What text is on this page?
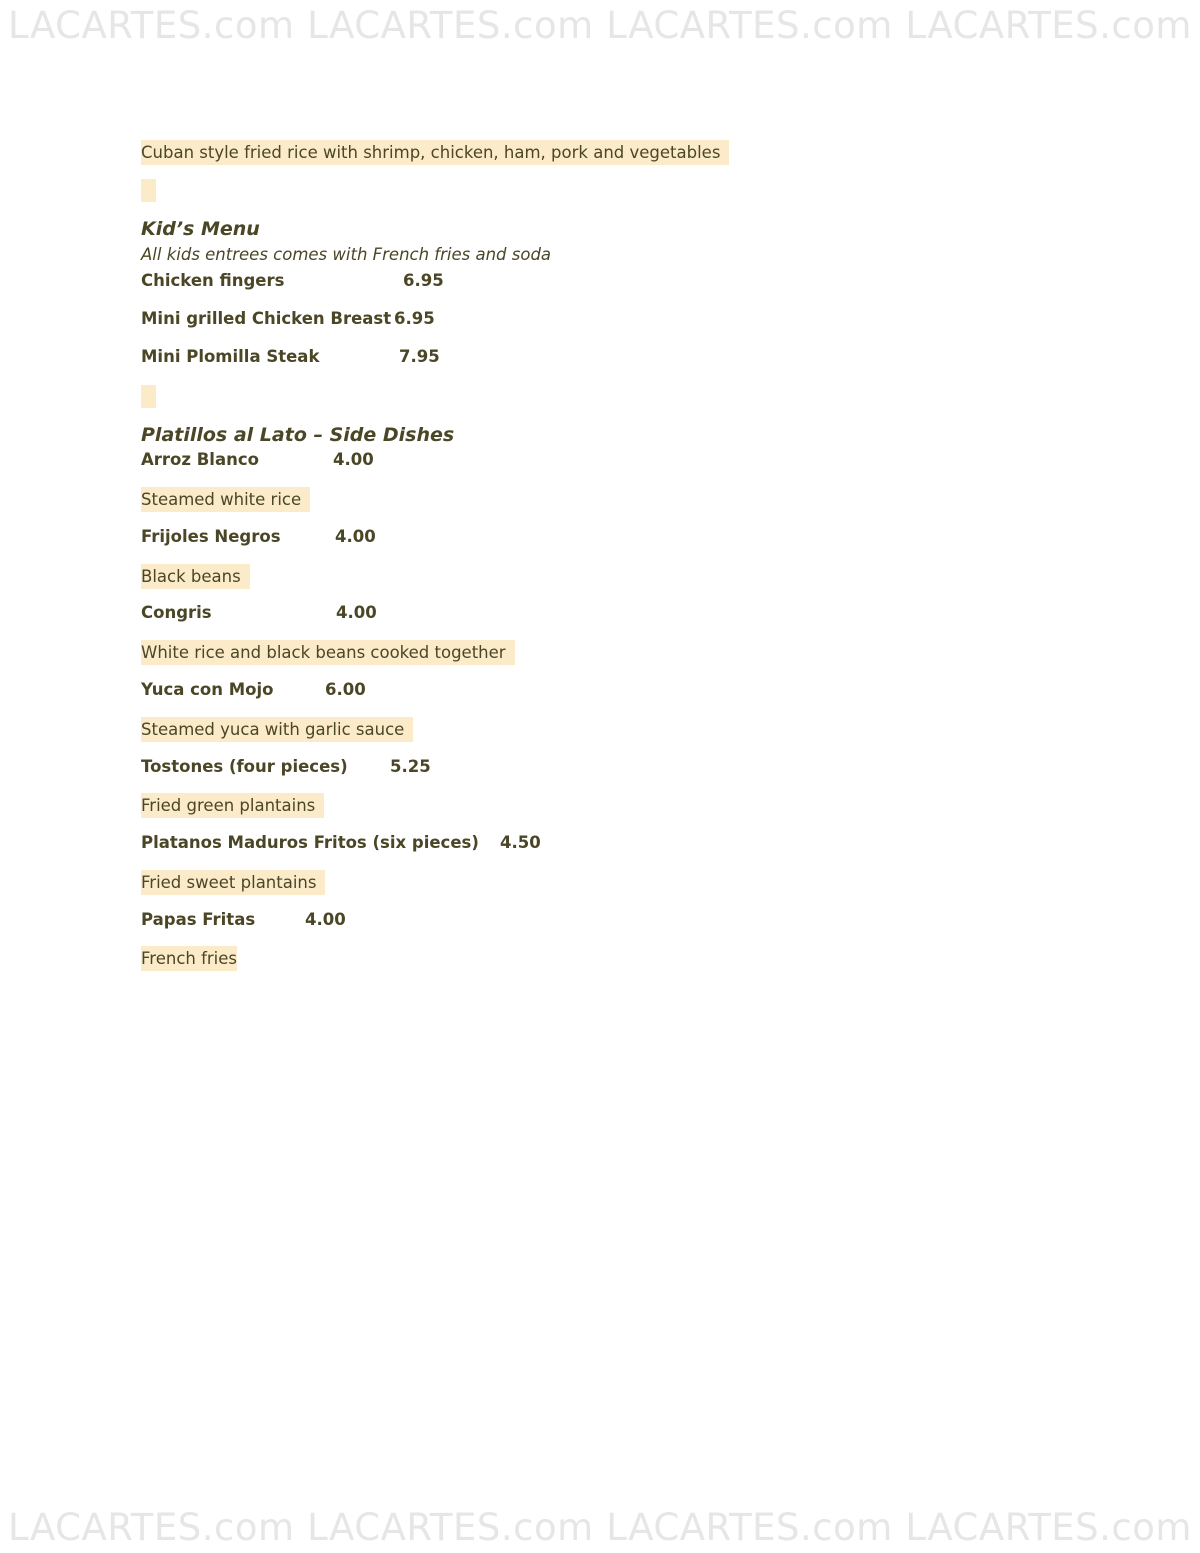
LACARTES.com LACARTES.com LACARTES.com LACARTES.com
Cuban style fried rice with shrimp, chicken, ham, pork and vegetables
Kid’s Menu
All kids entrees comes with French fries and soda
Chicken fingers	6.95
Mini grilled Chicken Breast 6.95
Mini Plomilla Steak	7.95
Platillos al Lato – Side Dishes
Arroz Blanco	4.00
Steamed white rice
Frijoles Negros	4.00
Black beans
Congris	4.00
White rice and black beans cooked together
Yuca con Mojo	6.00
Steamed yuca with garlic sauce
Tostones (four pieces)	5.25
Fried green plantains
Platanos Maduros Fritos (six pieces) 4.50
Fried sweet plantains
Papas Fritas	4.00
French fries
LACARTES.com LACARTES.com LACARTES.com LACARTES.com
